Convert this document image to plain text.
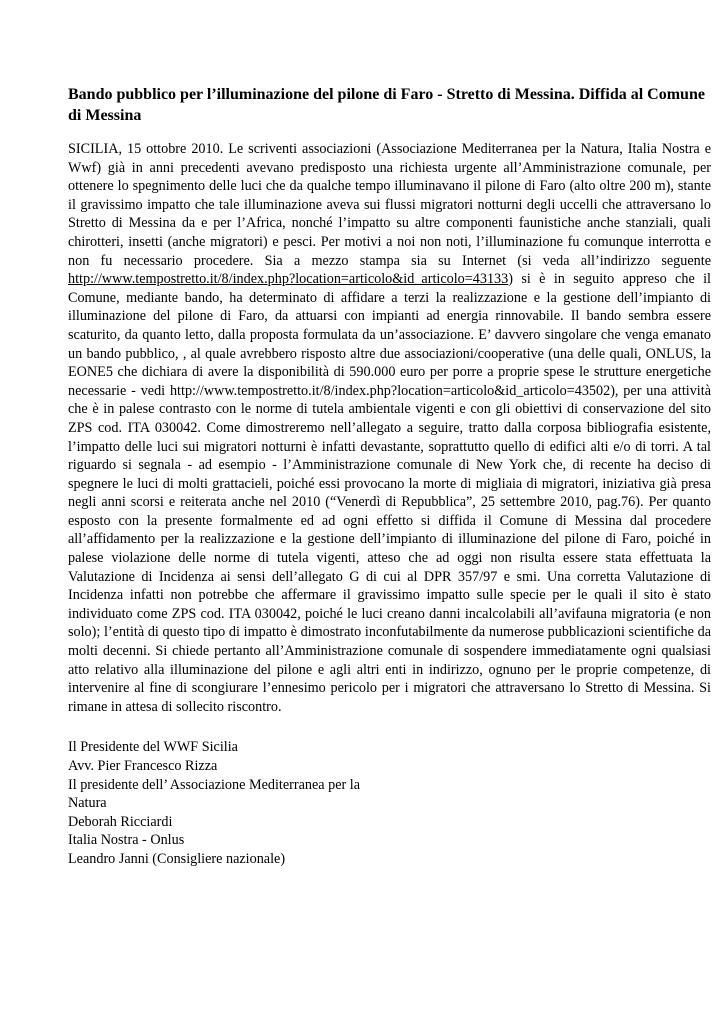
Bando pubblico per l’illuminazione del pilone di Faro - Stretto di Messina. Diffida al Comune di Messina

SICILIA, 15 ottobre 2010. Le scriventi associazioni (Associazione Mediterranea per la Natura, Italia Nostra e Wwf) già in anni precedenti avevano predisposto una richiesta urgente all’Amministrazione comunale, per ottenere lo spegnimento delle luci che da qualche tempo illuminavano il pilone di Faro (alto oltre 200 m), stante il gravissimo impatto che tale illuminazione aveva sui flussi migratori notturni degli uccelli che attraversano lo Stretto di Messina da e per l’Africa, nonché l’impatto su altre componenti faunistiche anche stanziali, quali chirotteri, insetti (anche migratori) e pesci. Per motivi a noi non noti, l’illuminazione fu comunque interrotta e non fu necessario procedere. Sia a mezzo stampa sia su Internet (si veda all’indirizzo seguente http://www.tempostretto.it/8/index.php?location=articolo&id_articolo=43133) si è in seguito appreso che il Comune, mediante bando, ha determinato di affidare a terzi la realizzazione e la gestione dell’impianto di illuminazione del pilone di Faro, da attuarsi con impianti ad energia rinnovabile. Il bando sembra essere scaturito, da quanto letto, dalla proposta formulata da un’associazione. E’ davvero singolare che venga emanato un bando pubblico, , al quale avrebbero risposto altre due associazioni/cooperative (una delle quali, ONLUS, la EONE5 che dichiara di avere la disponibilità di 590.000 euro per porre a proprie spese le strutture energetiche necessarie - vedi http://www.tempostretto.it/8/index.php?location=articolo&id_articolo=43502), per una attività che è in palese contrasto con le norme di tutela ambientale vigenti e con gli obiettivi di conservazione del sito ZPS cod. ITA 030042. Come dimostreremo nell’allegato a seguire, tratto dalla corposa bibliografia esistente, l’impatto delle luci sui migratori notturni è infatti devastante, soprattutto quello di edifici alti e/o di torri. A tal riguardo si segnala - ad esempio - l’Amministrazione comunale di New York che, di recente ha deciso di spegnere le luci di molti grattacieli, poiché essi provocano la morte di migliaia di migratori, iniziativa già presa negli anni scorsi e reiterata anche nel 2010 (“Venerdì di Repubblica”, 25 settembre 2010, pag.76). Per quanto esposto con la presente formalmente ed ad ogni effetto si diffida il Comune di Messina dal procedere all’affidamento per la realizzazione e la gestione dell’impianto di illuminazione del pilone di Faro, poiché in palese violazione delle norme di tutela vigenti, atteso che ad oggi non risulta essere stata effettuata la Valutazione di Incidenza ai sensi dell’allegato G di cui al DPR 357/97 e smi. Una corretta Valutazione di Incidenza infatti non potrebbe che affermare il gravissimo impatto sulle specie per le quali il sito è stato individuato come ZPS cod. ITA 030042, poiché le luci creano danni incalcolabili all’avifauna migratoria (e non solo); l’entità di questo tipo di impatto è dimostrato inconfutabilmente da numerose pubblicazioni scientifiche da molti decenni. Si chiede pertanto all’Amministrazione comunale di sospendere immediatamente ogni qualsiasi atto relativo alla illuminazione del pilone e agli altri enti in indirizzo, ognuno per le proprie competenze, di intervenire al fine di scongiurare l’ennesimo pericolo per i migratori che attraversano lo Stretto di Messina. Si rimane in attesa di sollecito riscontro.

Il Presidente del WWF Sicilia
Avv. Pier Francesco Rizza
Il presidente dell’ Associazione Mediterranea per la Natura
Deborah Ricciardi
Italia Nostra - Onlus
Leandro Janni (Consigliere nazionale)
